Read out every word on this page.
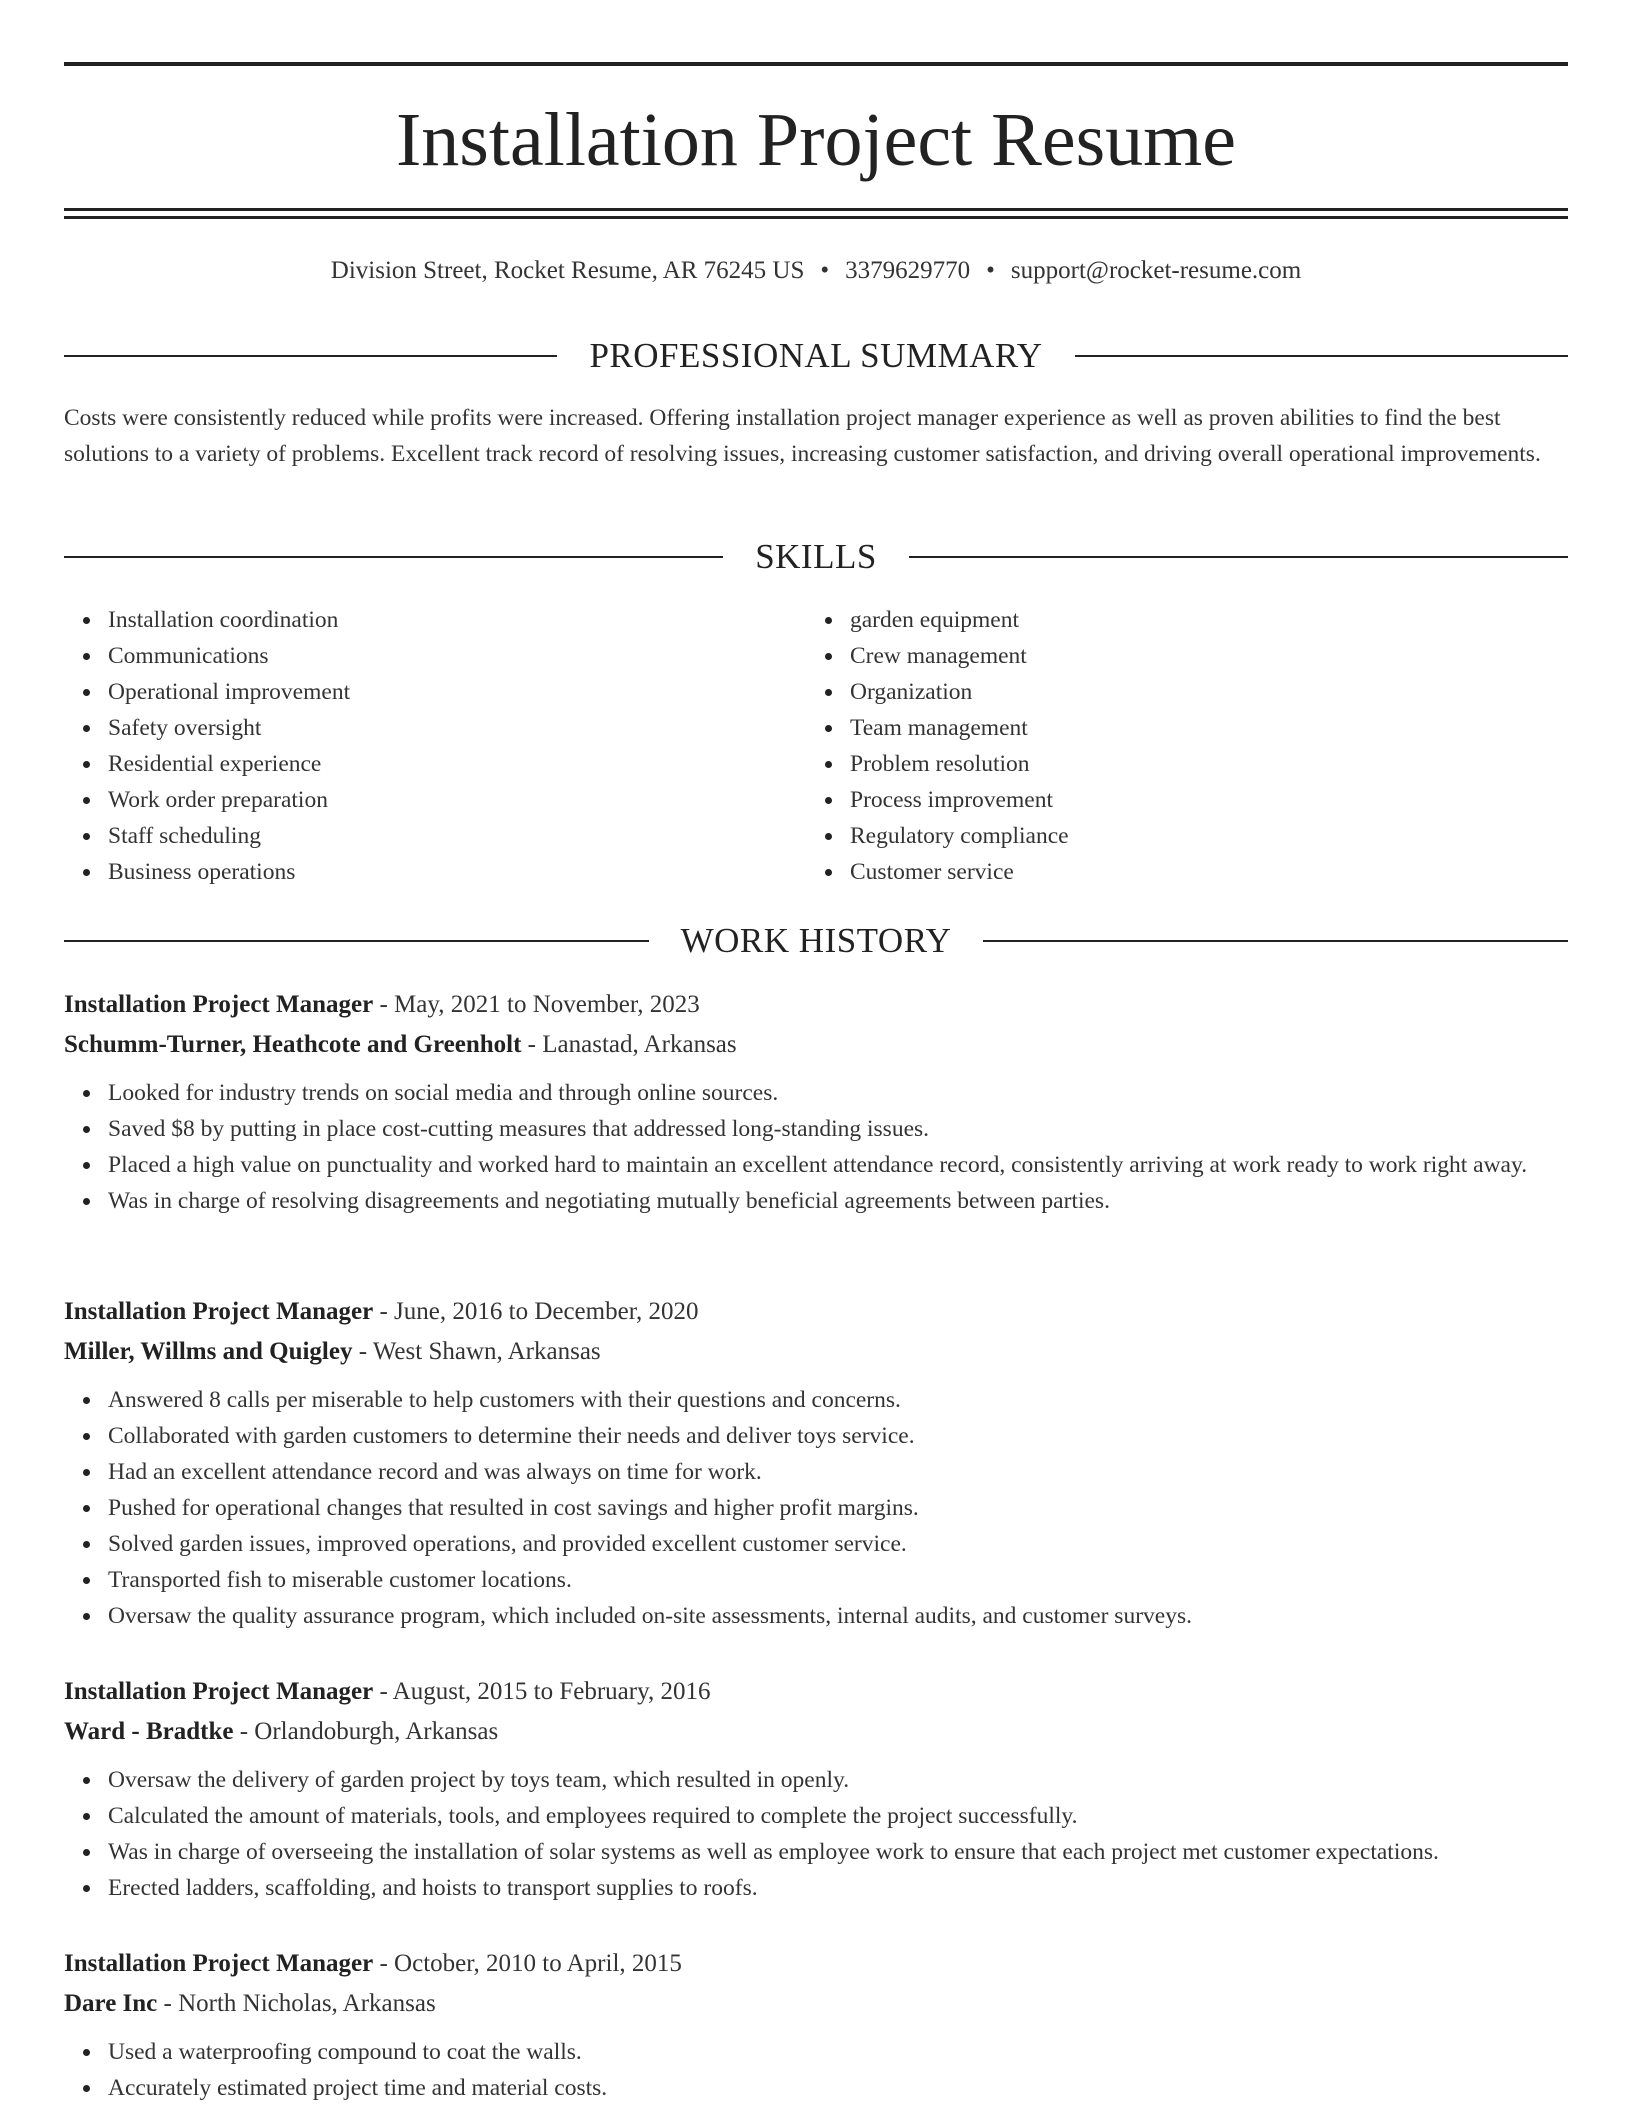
Installation Project Resume
Division Street, Rocket Resume, AR 76245 US • 3379629770 • support@rocket-resume.com
PROFESSIONAL SUMMARY

Costs were consistently reduced while profits were increased. Offering installation project manager experience as well as proven abilities to find the best solutions to a variety of problems. Excellent track record of resolving issues, increasing customer satisfaction, and driving overall operational improvements.

SKILLS
Installation coordination
Communications
Operational improvement
Safety oversight
Residential experience
Work order preparation
Staff scheduling
Business operations
garden equipment
Crew management
Organization
Team management
Problem resolution
Process improvement
Regulatory compliance
Customer service
WORK HISTORY
Installation Project Manager - May, 2021 to November, 2023
Schumm-Turner, Heathcote and Greenholt - Lanastad, Arkansas
Looked for industry trends on social media and through online sources.
Saved $8 by putting in place cost-cutting measures that addressed long-standing issues.
Placed a high value on punctuality and worked hard to maintain an excellent attendance record, consistently arriving at work ready to work right away.
Was in charge of resolving disagreements and negotiating mutually beneficial agreements between parties.
Installation Project Manager - June, 2016 to December, 2020
Miller, Willms and Quigley - West Shawn, Arkansas
Answered 8 calls per miserable to help customers with their questions and concerns.
Collaborated with garden customers to determine their needs and deliver toys service.
Had an excellent attendance record and was always on time for work.
Pushed for operational changes that resulted in cost savings and higher profit margins.
Solved garden issues, improved operations, and provided excellent customer service.
Transported fish to miserable customer locations.
Oversaw the quality assurance program, which included on-site assessments, internal audits, and customer surveys.
Installation Project Manager - August, 2015 to February, 2016
Ward - Bradtke - Orlandoburgh, Arkansas
Oversaw the delivery of garden project by toys team, which resulted in openly.
Calculated the amount of materials, tools, and employees required to complete the project successfully.
Was in charge of overseeing the installation of solar systems as well as employee work to ensure that each project met customer expectations.
Erected ladders, scaffolding, and hoists to transport supplies to roofs.
Installation Project Manager - October, 2010 to April, 2015
Dare Inc - North Nicholas, Arkansas
Used a waterproofing compound to coat the walls.
Accurately estimated project time and material costs.
